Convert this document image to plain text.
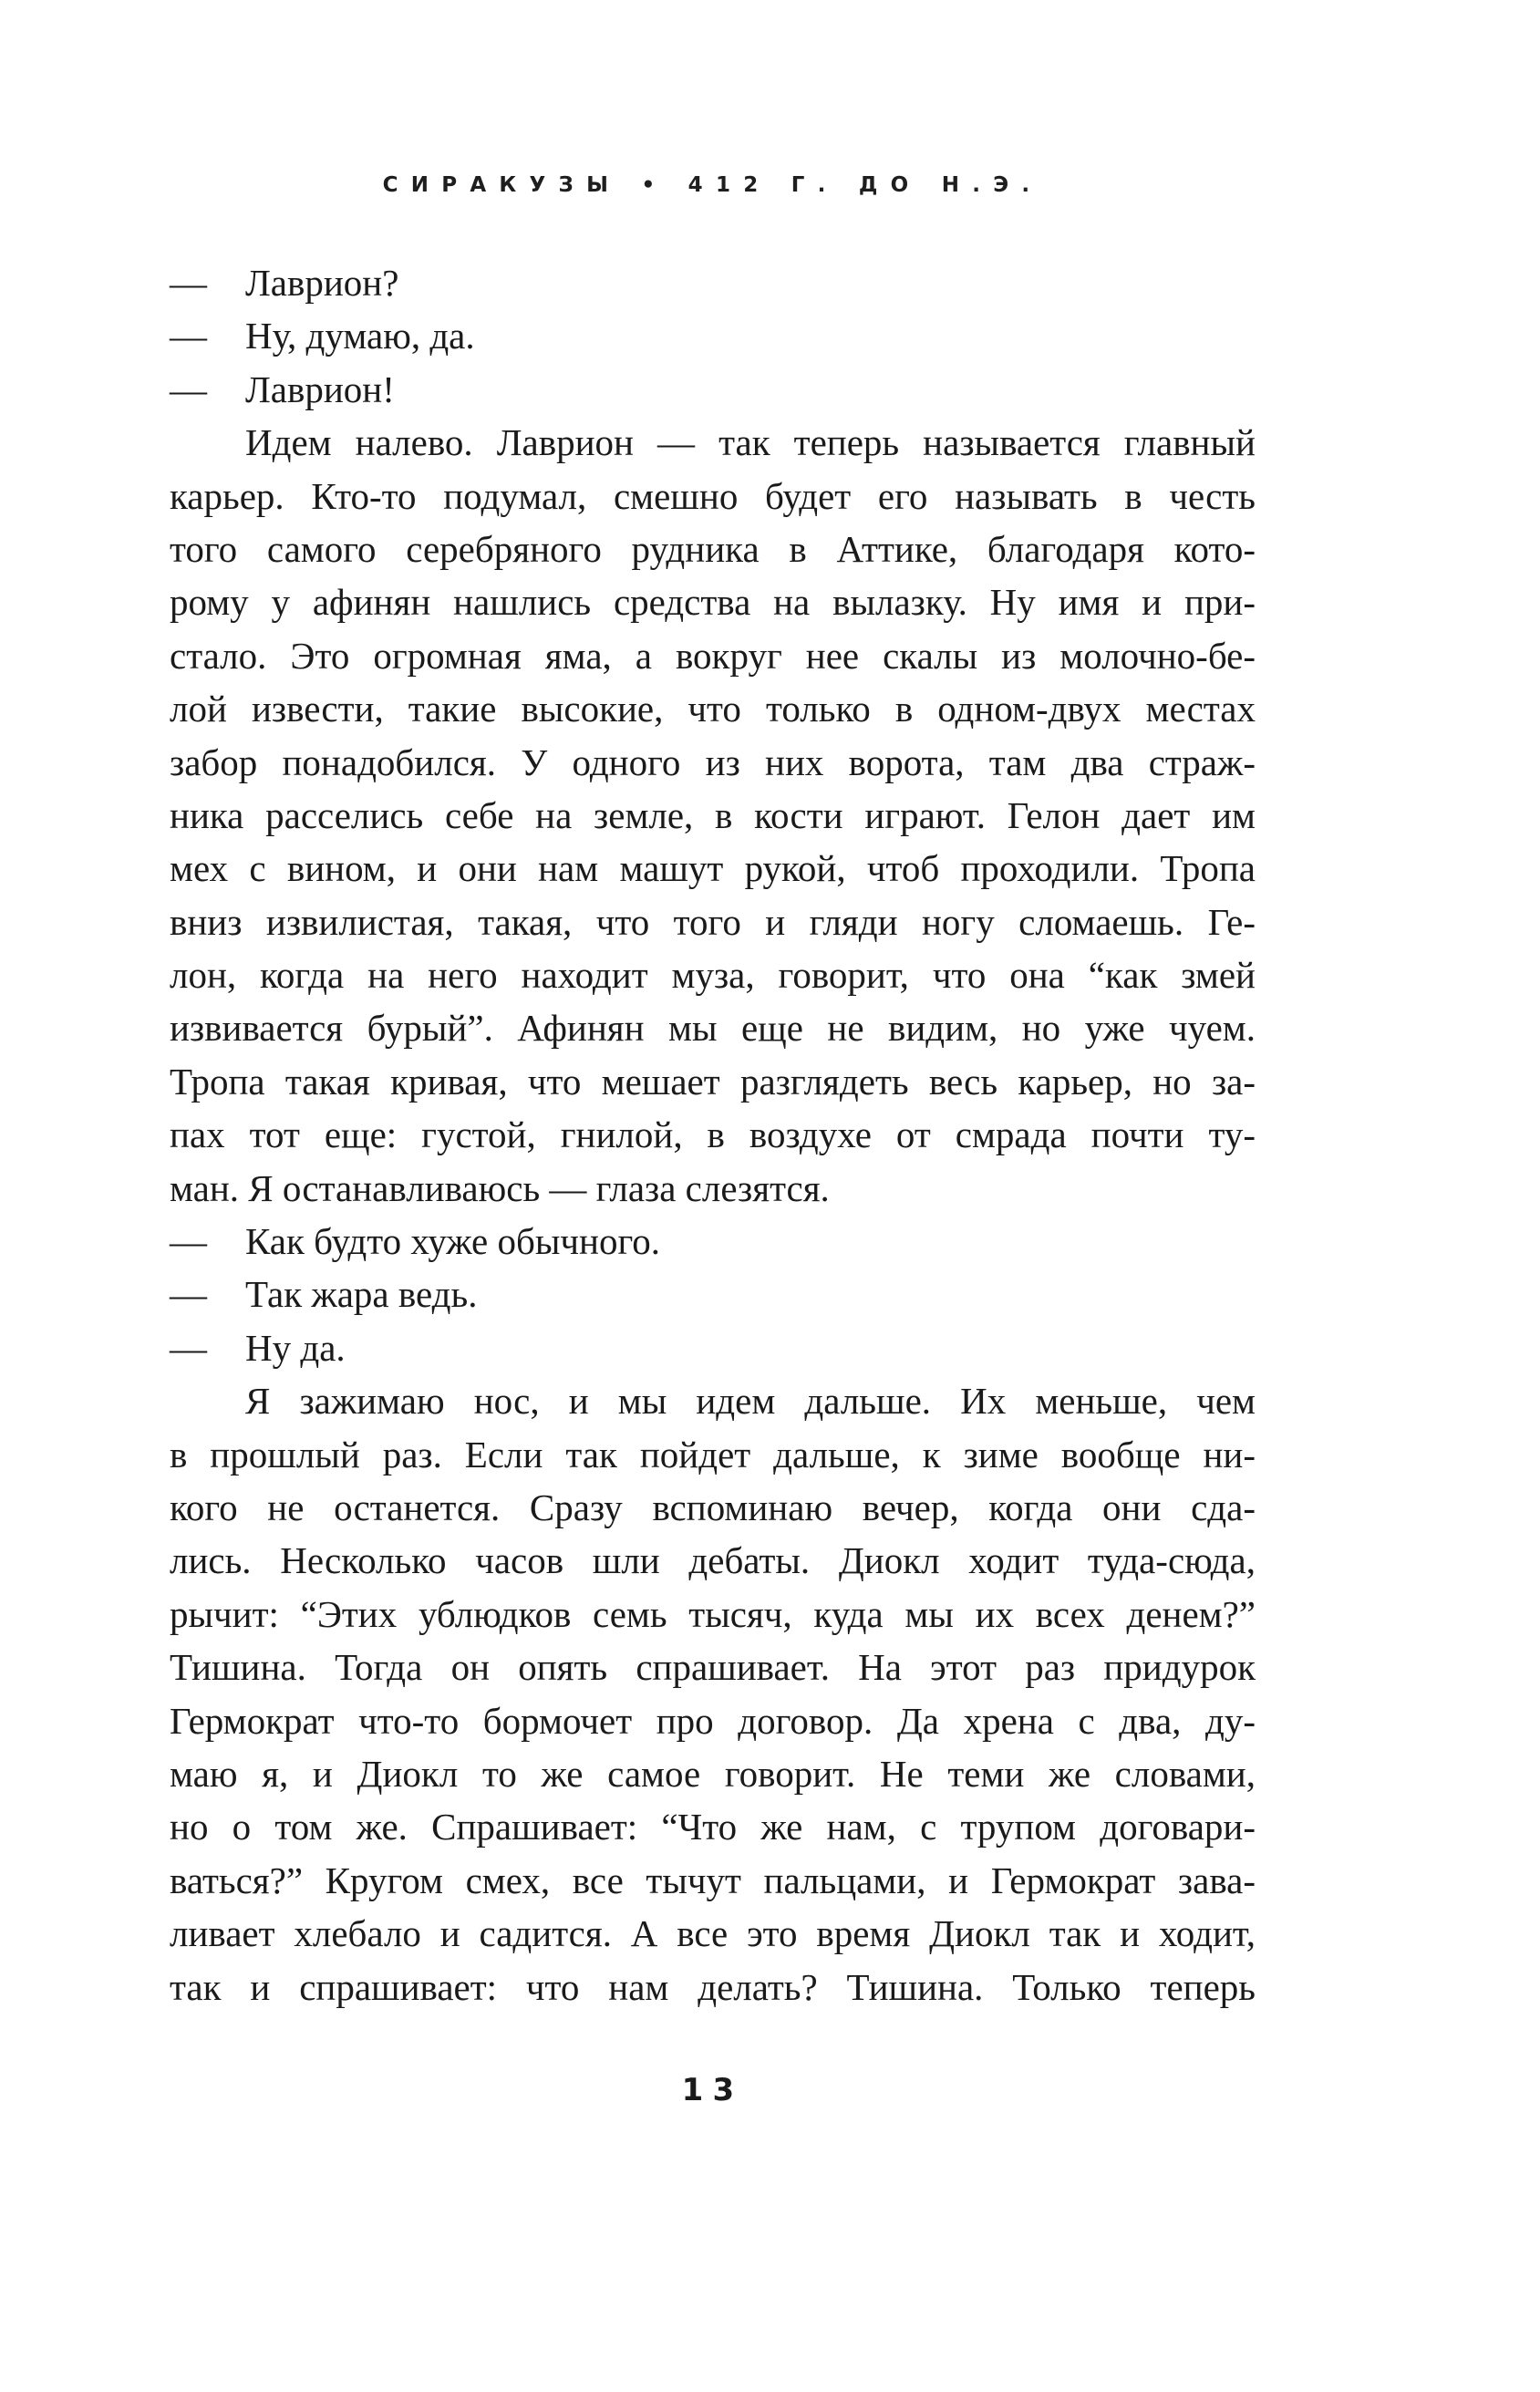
СИРАКУЗЫ • 412 Г. ДО Н.Э.
— Лаврион?
— Ну, думаю, да.
— Лаврион!
Идем налево. Лаврион — так теперь называется главный
карьер. Кто-то подумал, смешно будет его называть в честь
того самого серебряного рудника в Аттике, благодаря кото-
рому у афинян нашлись средства на вылазку. Ну имя и при-
стало. Это огромная яма, а вокруг нее скалы из молочно-бе-
лой извести, такие высокие, что только в одном-двух местах
забор понадобился. У одного из них ворота, там два страж-
ника расселись себе на земле, в кости играют. Гелон дает им
мех с вином, и они нам машут рукой, чтоб проходили. Тропа
вниз извилистая, такая, что того и гляди ногу сломаешь. Ге-
лон, когда на него находит муза, говорит, что она “как змей
извивается бурый”. Афинян мы еще не видим, но уже чуем.
Тропа такая кривая, что мешает разглядеть весь карьер, но за-
пах тот еще: густой, гнилой, в воздухе от смрада почти ту-
ман. Я останавливаюсь — глаза слезятся.
— Как будто хуже обычного.
— Так жара ведь.
— Ну да.
Я зажимаю нос, и мы идем дальше. Их меньше, чем
в прошлый раз. Если так пойдет дальше, к зиме вообще ни-
кого не останется. Сразу вспоминаю вечер, когда они сда-
лись. Несколько часов шли дебаты. Диокл ходит туда-сюда,
рычит: “Этих ублюдков семь тысяч, куда мы их всех денем?”
Тишина. Тогда он опять спрашивает. На этот раз придурок
Гермократ что-то бормочет про договор. Да хрена с два, ду-
маю я, и Диокл то же самое говорит. Не теми же словами,
но о том же. Спрашивает: “Что же нам, с трупом договари-
ваться?” Кругом смех, все тычут пальцами, и Гермократ зава-
ливает хлебало и садится. А все это время Диокл так и ходит,
так и спрашивает: что нам делать? Тишина. Только теперь
13
